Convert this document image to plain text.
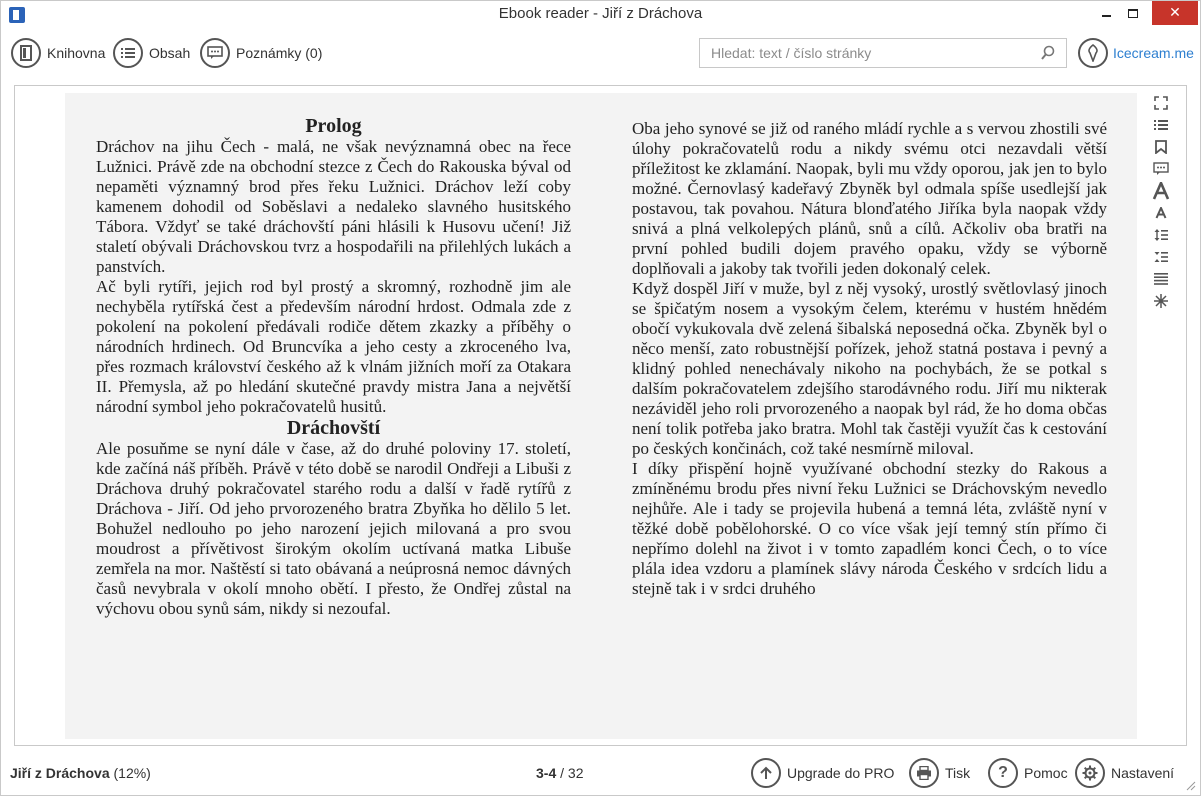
Ebook reader - Jiří z Dráchova	✕
Knihovna	Obsah	Poznámky (0)
Hledat: text / číslo stránky	Icecream.me
Prolog

Dráchov na jihu Čech - malá, ne však nevýznamná obec na řece Lužnici. Právě zde na obchodní stezce z Čech do Rakouska býval od nepaměti významný brod přes řeku Lužnici. Dráchov leží coby kamenem dohodil od Soběslavi a nedaleko slavného husitského Tábora. Vždyť se také dráchovští páni hlásili k Husovu učení! Již staletí obývali Dráchovskou tvrz a hospodařili na přilehlých lukách a panstvích.

Ač byli rytíři, jejich rod byl prostý a skromný, rozhodně jim ale nechyběla rytířská čest a především národní hrdost. Odmala zde z pokolení na pokolení předávali rodiče dětem zkazky a příběhy o národních hrdinech. Od Bruncvíka a jeho cesty a zkroceného lva, přes rozmach království českého až k vlnám jižních moří za Otakara II. Přemysla, až po hledání skutečné pravdy mistra Jana a největší národní symbol jeho pokračovatelů husitů.

Dráchovští

Ale posuňme se nyní dále v čase, až do druhé poloviny 17. století, kde začíná náš příběh. Právě v této době se narodil Ondřeji a Libuši z Dráchova druhý pokračovatel starého rodu a další v řadě rytířů z Dráchova - Jiří. Od jeho prvorozeného bratra Zbyňka ho dělilo 5 let. Bohužel nedlouho po jeho narození jejich milovaná a pro svou moudrost a přívětivost širokým okolím uctívaná matka Libuše zemřela na mor. Naštěstí si tato obávaná a neúprosná nemoc dávných časů nevybrala v okolí mnoho obětí. I přesto, že Ondřej zůstal na výchovu obou synů sám, nikdy si nezoufal.

Oba jeho synové se již od raného mládí rychle a s vervou zhostili své úlohy pokračovatelů rodu a nikdy svému otci nezavdali větší příležitost ke zklamání. Naopak, byli mu vždy oporou, jak jen to bylo možné. Černovlasý kadeřavý Zbyněk byl odmala spíše usedlejší jak postavou, tak povahou. Nátura blonďatého Jiříka byla naopak vždy snivá a plná velkolepých plánů, snů a cílů. Ačkoliv oba bratři na první pohled budili dojem pravého opaku, vždy se výborně doplňovali a jakoby tak tvořili jeden dokonalý celek.

Když dospěl Jiří v muže, byl z něj vysoký, urostlý světlovlasý jinoch se špičatým nosem a vysokým čelem, kterému v hustém hnědém obočí vykukovala dvě zelená šibalská neposedná očka. Zbyněk byl o něco menší, zato robustnější pořízek, jehož statná postava i pevný a klidný pohled nenechávaly nikoho na pochybách, že se potkal s dalším pokračovatelem zdejšího starodávného rodu. Jiří mu nikterak nezáviděl jeho roli prvorozeného a naopak byl rád, že ho doma občas není tolik potřeba jako bratra. Mohl tak častěji využít čas k cestování po českých končinách, což také nesmírně miloval.

I díky přispění hojně využívané obchodní stezky do Rakous a zmíněnému brodu přes nivní řeku Lužnici se Dráchovským nevedlo nejhůře. Ale i tady se projevila hubená a temná léta, zvláště nyní v těžké době pobělohorské. O co více však její temný stín přímo či nepřímo dolehl na život i v tomto zapadlém konci Čech, o to více plála idea vzdoru a plamínek slávy národa Českého v srdcích lidu a stejně tak i v srdci druhého

Jiří z Dráchova (12%)	3-4 / 32	Upgrade do PRO	Tisk	?	Pomoc	Nastavení
